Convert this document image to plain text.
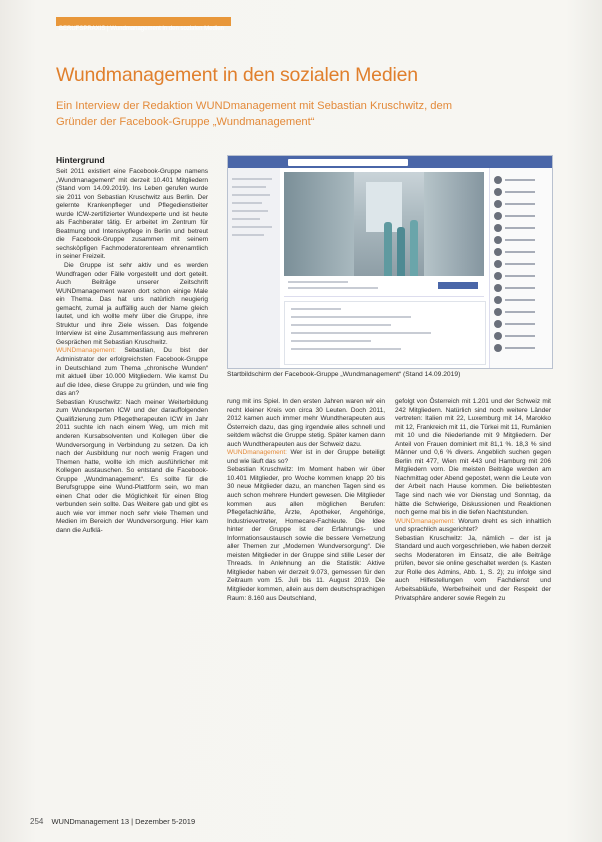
BERUFSPRAXIS | Wundmanagement in den sozialen Medien
Wundmanagement in den sozialen Medien
Ein Interview der Redaktion WUNDmanagement mit Sebastian Kruschwitz, dem Gründer der Facebook-Gruppe „Wundmanagement“
Hintergrund

Seit 2011 existiert eine Facebook-Gruppe namens „Wundmanagement“ mit derzeit 10.401 Mitgliedern (Stand vom 14.09.2019). Ins Leben gerufen wurde sie 2011 von Sebastian Kruschwitz aus Berlin. Der gelernte Krankenpfleger und Pflegedienstleiter wurde ICW-zertifizierter Wundexperte und ist heute als Fachberater tätig. Er arbeitet im Zentrum für Beatmung und Intensivpflege in Berlin und betreut die Facebook-Gruppe zusammen mit seinem sechsköpfigen Fachmoderatorenteam ehrenamtlich in seiner Freizeit.

Die Gruppe ist sehr aktiv und es werden Wundfragen oder Fälle vorgestellt und dort geteilt. Auch Beiträge unserer Zeitschrift WUNDmanagement waren dort schon einige Male ein Thema. Das hat uns natürlich neugierig gemacht, zumal ja auffällig auch der Name gleich lautet, und ich wollte mehr über die Gruppe, ihre Struktur und ihre Ziele wissen. Das folgende Interview ist eine Zusammenfassung aus mehreren Gesprächen mit Sebastian Kruschwitz.

WUNDmanagement: Sebastian, Du bist der Administrator der erfolgreichsten Facebook-Gruppe in Deutschland zum Thema „chronische Wunden“ mit aktuell über 10.000 Mitgliedern. Wie kamst Du auf die Idee, diese Gruppe zu gründen, und wie fing das an?

Sebastian Kruschwitz: Nach meiner Weiterbildung zum Wundexperten ICW und der darauffolgenden Qualifizierung zum Pflegetherapeuten ICW im Jahr 2011 suchte ich nach einem Weg, um mich mit anderen Kursabsolventen und Kollegen über die Wundversorgung in Verbindung zu setzen. Da ich nach der Ausbildung nur noch wenig Fragen und Themen hatte, wollte ich mich ausführlicher mit Kollegen austauschen. So entstand die Facebook-Gruppe „Wundmanagement“. Es sollte für die Berufsgruppe eine Wund-Plattform sein, wo man einen Chat oder die Möglichkeit für einen Blog verbunden sein sollte. Das Weitere gab und gibt es auch wie vor immer noch sehr viele Themen und Medien im Bereich der Wundversorgung. Hier kam dann die Aufklä-

Startbildschirm der Facebook-Gruppe „Wundmanagement“ (Stand 14.09.2019)

rung mit ins Spiel. In den ersten Jahren waren wir ein recht kleiner Kreis von circa 30 Leuten. Doch 2011, 2012 kamen auch immer mehr Wundtherapeuten aus Österreich dazu, das ging irgendwie alles schnell und seitdem wächst die Gruppe stetig. Später kamen dann auch Wundtherapeuten aus der Schweiz dazu.

WUNDmanagement: Wer ist in der Gruppe beteiligt und wie läuft das so?

Sebastian Kruschwitz: Im Moment haben wir über 10.401 Mitglieder, pro Woche kommen knapp 20 bis 30 neue Mitglieder dazu, an manchen Tagen sind es auch schon mehrere Hundert gewesen. Die Mitglieder kommen aus allen möglichen Berufen: Pflegefachkräfte, Ärzte, Apotheker, Angehörige, Industrievertreter, Homecare-Fachleute. Die Idee hinter der Gruppe ist der Erfahrungs- und Informationsaustausch sowie die bessere Vernetzung aller Themen zur „Modernen Wundversorgung“. Die meisten Mitglieder in der Gruppe sind stille Leser der Threads. In Anlehnung an die Statistik: Aktive Mitglieder haben wir derzeit 9.073, gemessen für den Zeitraum vom 15. Juli bis 11. August 2019. Die Mitglieder kommen, allein aus dem deutschsprachigen Raum: 8.160 aus Deutschland,

gefolgt von Österreich mit 1.201 und der Schweiz mit 242 Mitgliedern. Natürlich sind noch weitere Länder vertreten: Italien mit 22, Luxemburg mit 14, Marokko mit 12, Frankreich mit 11, die Türkei mit 11, Rumänien mit 10 und die Niederlande mit 9 Mitgliedern. Der Anteil von Frauen dominiert mit 81,1 %. 18,3 % sind Männer und 0,6 % divers. Angeblich suchen gegen Berlin mit 477, Wien mit 443 und Hamburg mit 206 Mitgliedern vorn. Die meisten Beiträge werden am Nachmittag oder Abend gepostet, wenn die Leute von der Arbeit nach Hause kommen. Die beliebtesten Tage sind nach wie vor Dienstag und Sonntag, da hätte die Schwierige, Diskussionen und Reaktionen noch gerne mal bis in die tiefen Nachtstunden.

WUNDmanagement: Worum dreht es sich inhaltlich und sprachlich ausgerichtet?

Sebastian Kruschwitz: Ja, nämlich – der ist ja Standard und auch vorgeschrieben, wie haben derzeit sechs Moderatoren im Einsatz, die alle Beiträge prüfen, bevor sie online geschaltet werden (s. Kasten zur Rolle des Admins, Abb. 1, S. 2); zu infolge sind auch Hilfestellungen vom Fachdienst und Arbeitsabläufe, Werbefreiheit und der Respekt der Privatsphäre anderer sowie Regeln zu

254 WUNDmanagement 13 | Dezember 5-2019
